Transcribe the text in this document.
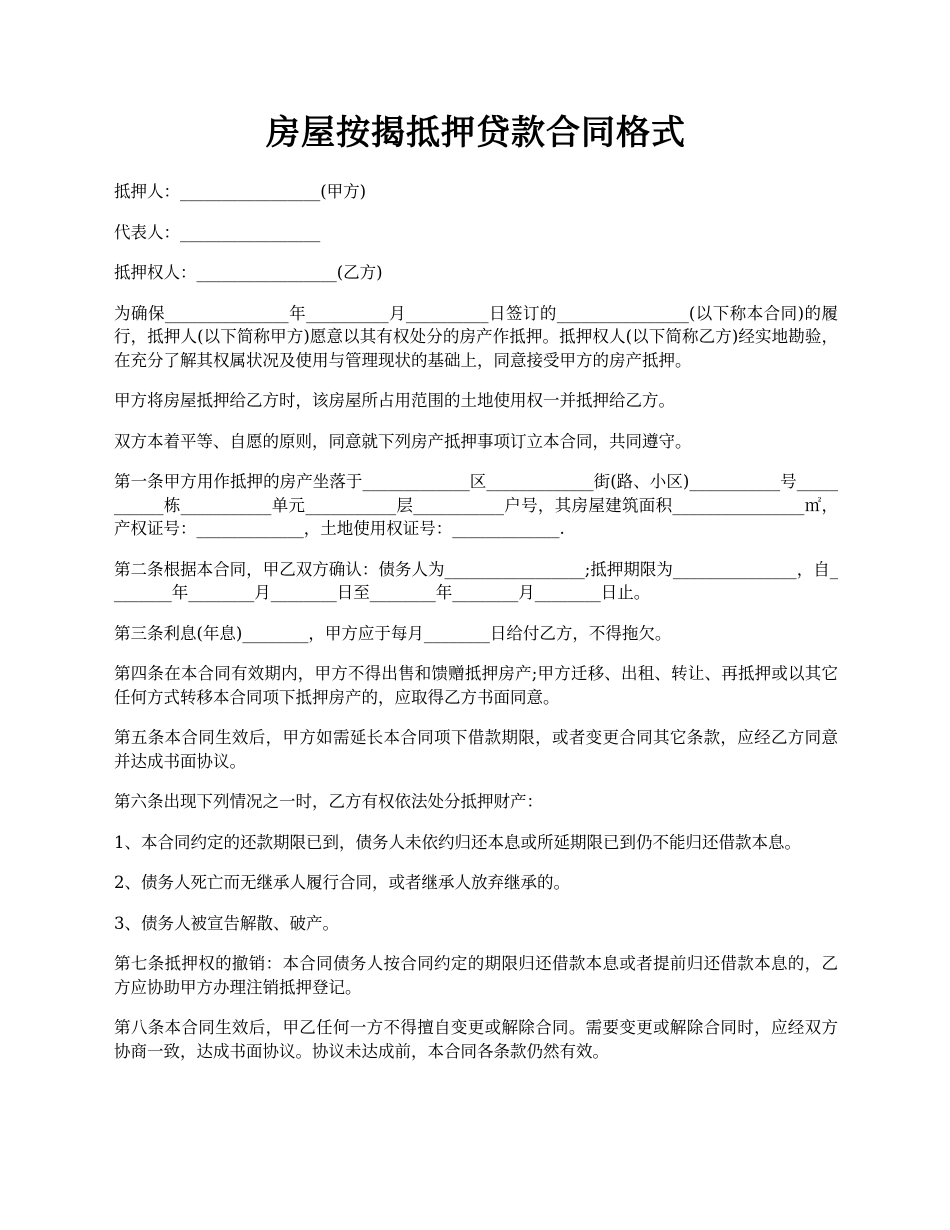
房屋按揭抵押贷款合同格式

抵押人：_________________(甲方)

代表人：_________________

抵押权人：_________________(乙方)

为确保_______________年__________月__________日签订的________________(以下称本合同)的履行，抵押人(以下简称甲方)愿意以其有权处分的房产作抵押。抵押权人(以下简称乙方)经实地勘验，在充分了解其权属状况及使用与管理现状的基础上，同意接受甲方的房产抵押。

甲方将房屋抵押给乙方时，该房屋所占用范围的土地使用权一并抵押给乙方。

双方本着平等、自愿的原则，同意就下列房产抵押事项订立本合同，共同遵守。

第一条甲方用作抵押的房产坐落于_____________区_____________街(路、小区)___________号___________栋___________单元___________层___________户号，其房屋建筑面积________________㎡，产权证号：_____________，土地使用权证号：_____________.

第二条根据本合同，甲乙双方确认：债务人为_________________;抵押期限为_______________，自________年________月________日至________年________月________日止。

第三条利息(年息)________，甲方应于每月________日给付乙方，不得拖欠。

第四条在本合同有效期内，甲方不得出售和馈赠抵押房产;甲方迁移、出租、转让、再抵押或以其它任何方式转移本合同项下抵押房产的，应取得乙方书面同意。

第五条本合同生效后，甲方如需延长本合同项下借款期限，或者变更合同其它条款，应经乙方同意并达成书面协议。

第六条出现下列情况之一时，乙方有权依法处分抵押财产：

1、本合同约定的还款期限已到，债务人未依约归还本息或所延期限已到仍不能归还借款本息。

2、债务人死亡而无继承人履行合同，或者继承人放弃继承的。

3、债务人被宣告解散、破产。

第七条抵押权的撤销：本合同债务人按合同约定的期限归还借款本息或者提前归还借款本息的，乙方应协助甲方办理注销抵押登记。

第八条本合同生效后，甲乙任何一方不得擅自变更或解除合同。需要变更或解除合同时，应经双方协商一致，达成书面协议。协议未达成前，本合同各条款仍然有效。
